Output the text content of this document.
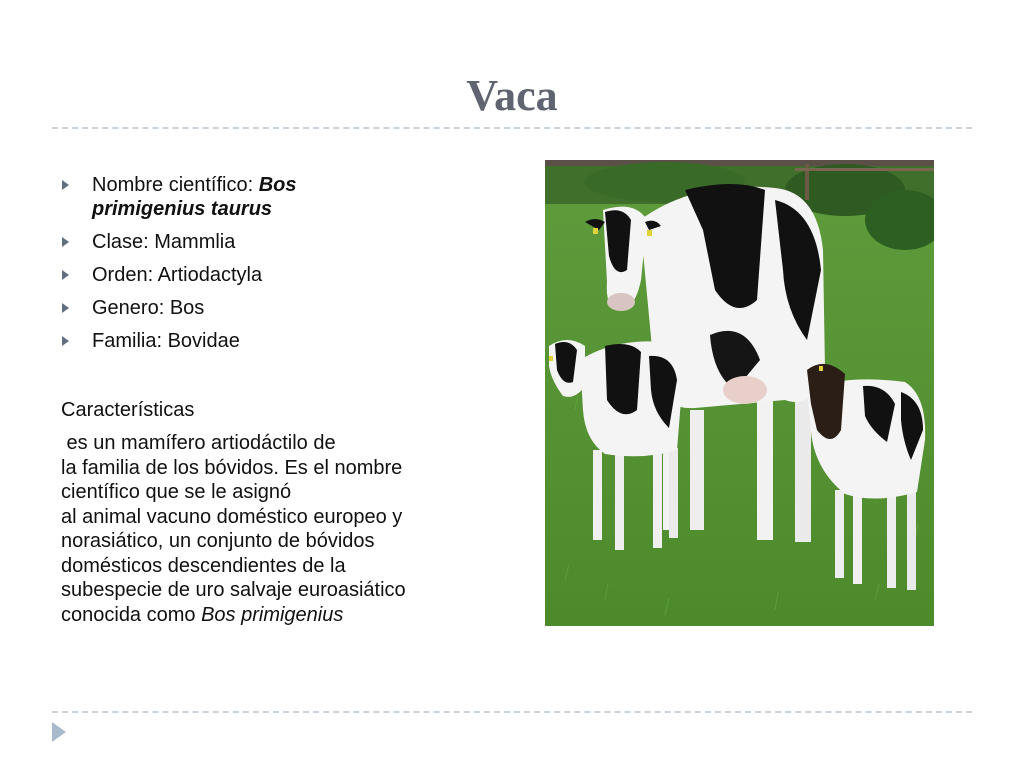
Vaca
Nombre científico: Bos primigenius taurus
Clase: Mammlia
Orden: Artiodactyla
Genero: Bos
Familia: Bovidae
Características

es un mamífero artiodáctilo de
la familia de los bóvidos. Es el nombre
científico que se le asignó
al animal vacuno doméstico europeo y
norasiático, un conjunto de bóvidos
domésticos descendientes de la
subespecie de uro salvaje euroasiático
conocida como Bos primigenius
